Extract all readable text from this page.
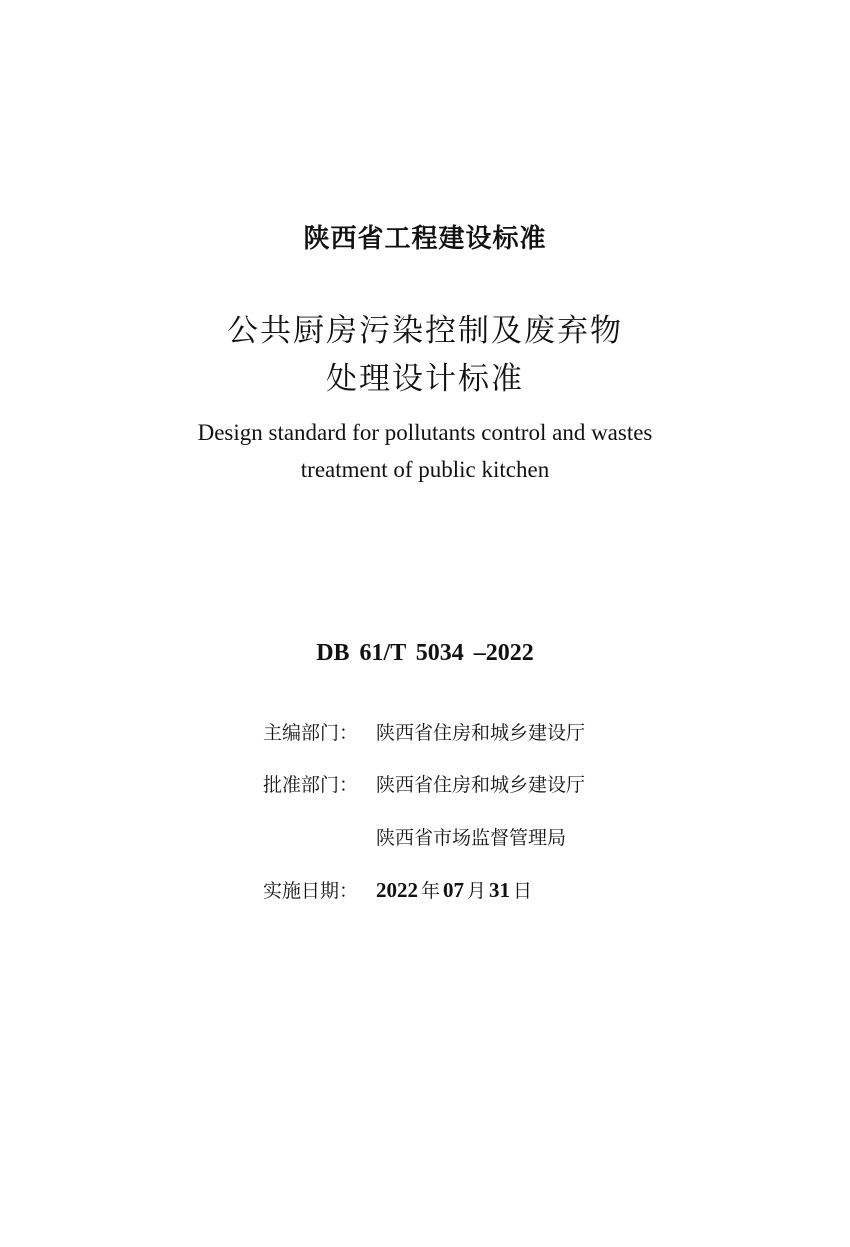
陕西省工程建设标准
公共厨房污染控制及废弃物
处理设计标准
Design standard for pollutants control and wastes
treatment of public kitchen
DB 61/T 5034 –2022
主编部门： 陕西省住房和城乡建设厅
批准部门： 陕西省住房和城乡建设厅
陕西省市场监督管理局
实施日期： 2022 年 07 月 31 日
